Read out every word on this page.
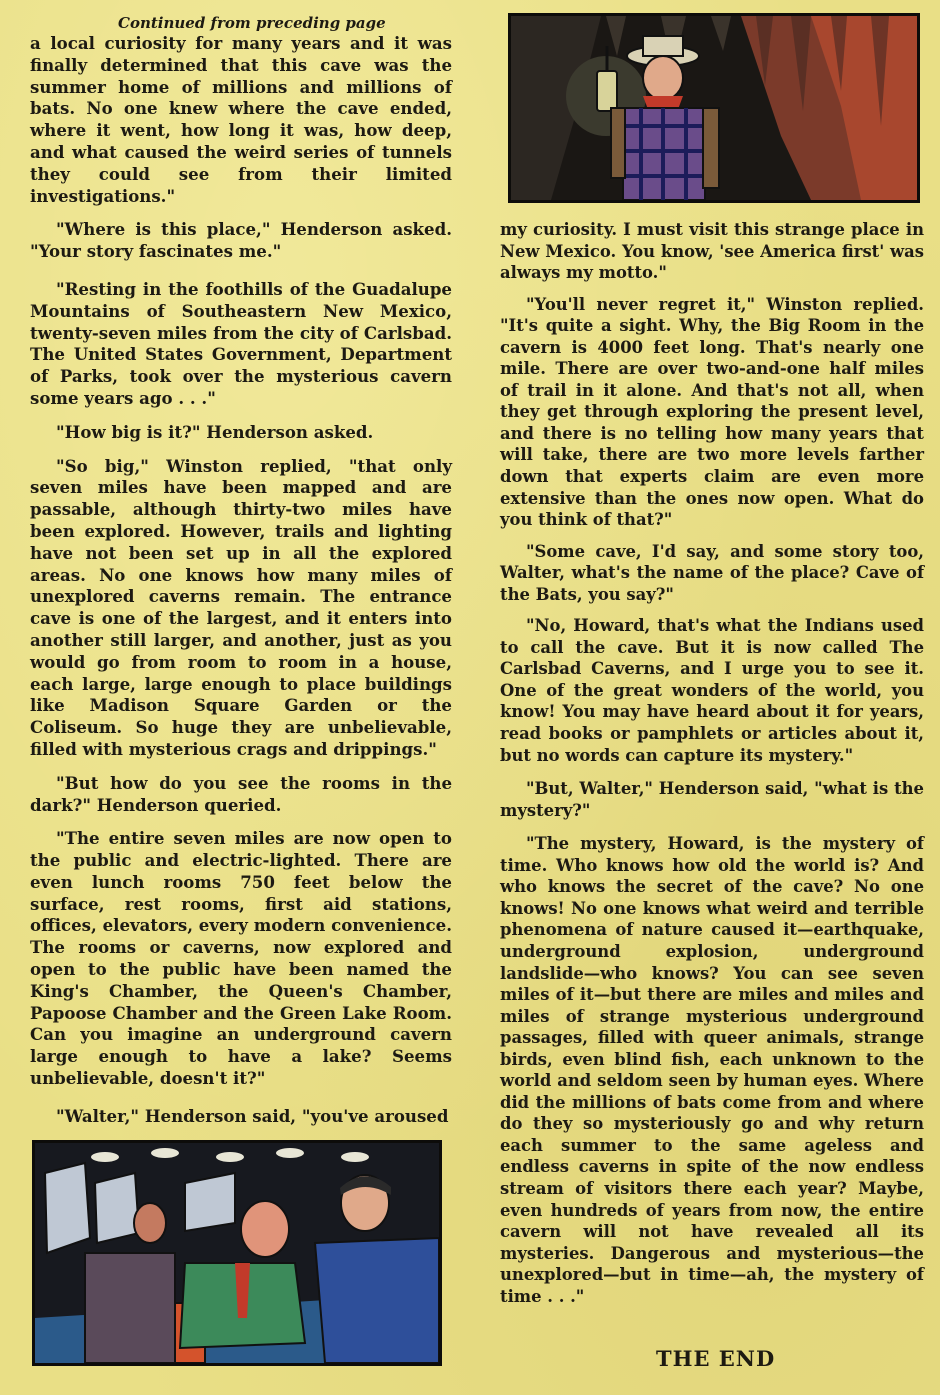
Continued from preceding page

a local curiosity for many years and it was finally determined that this cave was the summer home of millions and millions of bats. No one knew where the cave ended, where it went, how long it was, how deep, and what caused the weird series of tunnels they could see from their limited investigations."

"Where is this place," Henderson asked. "Your story fascinates me."

"Resting in the foothills of the Guadalupe Mountains of Southeastern New Mexico, twenty-seven miles from the city of Carlsbad. The United States Government, Department of Parks, took over the mysterious cavern some years ago . . ."

"How big is it?" Henderson asked.

"So big," Winston replied, "that only seven miles have been mapped and are passable, although thirty-two miles have been explored. However, trails and lighting have not been set up in all the explored areas. No one knows how many miles of unexplored caverns remain. The entrance cave is one of the largest, and it enters into another still larger, and another, just as you would go from room to room in a house, each large, large enough to place buildings like Madison Square Garden or the Coliseum. So huge they are unbelievable, filled with mysterious crags and drippings."

"But how do you see the rooms in the dark?" Henderson queried.

"The entire seven miles are now open to the public and electric-lighted. There are even lunch rooms 750 feet below the surface, rest rooms, first aid stations, offices, elevators, every modern convenience. The rooms or caverns, now explored and open to the public have been named the King's Chamber, the Queen's Chamber, Papoose Chamber and the Green Lake Room. Can you imagine an underground cavern large enough to have a lake? Seems unbelievable, doesn't it?"

"Walter," Henderson said, "you've aroused

my curiosity. I must visit this strange place in New Mexico. You know, 'see America first' was always my motto."

"You'll never regret it," Winston replied. "It's quite a sight. Why, the Big Room in the cavern is 4000 feet long. That's nearly one mile. There are over two-and-one half miles of trail in it alone. And that's not all, when they get through exploring the present level, and there is no telling how many years that will take, there are two more levels farther down that experts claim are even more extensive than the ones now open. What do you think of that?"

"Some cave, I'd say, and some story too, Walter, what's the name of the place? Cave of the Bats, you say?"

"No, Howard, that's what the Indians used to call the cave. But it is now called The Carlsbad Caverns, and I urge you to see it. One of the great wonders of the world, you know! You may have heard about it for years, read books or pamphlets or articles about it, but no words can capture its mystery."

"But, Walter," Henderson said, "what is the mystery?"

"The mystery, Howard, is the mystery of time. Who knows how old the world is? And who knows the secret of the cave? No one knows! No one knows what weird and terrible phenomena of nature caused it—earthquake, underground explosion, underground landslide—who knows? You can see seven miles of it—but there are miles and miles and miles of strange mysterious underground passages, filled with queer animals, strange birds, even blind fish, each unknown to the world and seldom seen by human eyes. Where did the millions of bats come from and where do they so mysteriously go and why return each summer to the same ageless and endless caverns in spite of the now endless stream of visitors there each year? Maybe, even hundreds of years from now, the entire cavern will not have revealed all its mysteries. Dangerous and mysterious—the unexplored—but in time—ah, the mystery of time . . ."

THE END
